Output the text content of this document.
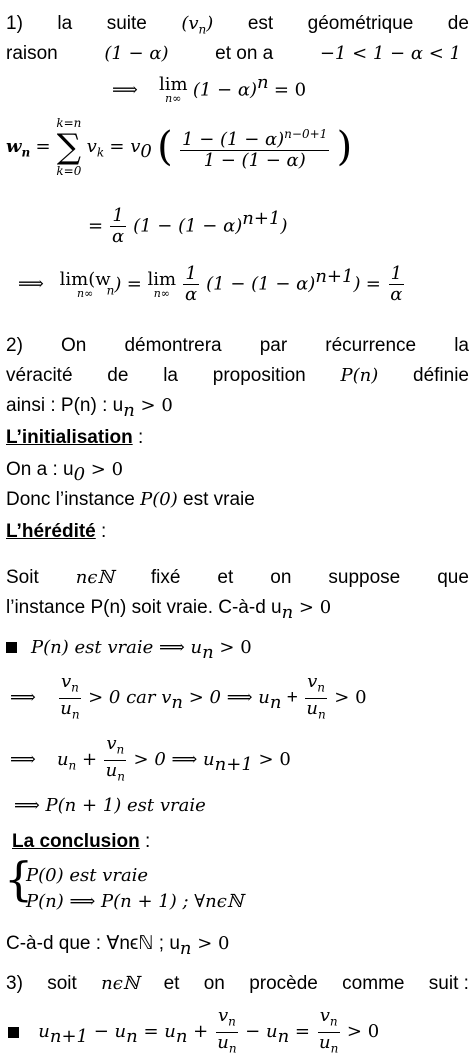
1) la suite $(v_n)$ est géométrique de
raison	(1 − α) et on a	−1 < 1 − α < 1
⟹ lim
n∞ $(1 - \alpha)^n = 0$
$w_n$ =
k=n
∑
k=0
$v_k = v_0$ ( $\frac{1 - (1 - \alpha)^{n-0+1}}{1 - (1 - \alpha)}$ )
= $\frac{1}{\alpha} (1 - (1 - \alpha)^{n+1})$
⟹ lim(w
n∞ $_n$) = lim
n∞
$\frac{1}{\alpha} (1 - (1 - \alpha)^{n+1}) = \frac{1}{\alpha}$
2) On démontrera par récurrence la
véracité de la proposition P(n) définie
ainsi : P(n) : $u_n > 0$
L’initialisation :
On a : $u_0 > 0$
Donc l’instance P(0) est vraie
L’hérédité :
Soit nϵℕ fixé et on suppose que
l’instance P(n) soit vraie. C-à-d $u_n > 0$
P(n) est vraie ⟹ $u_n > 0$
⟹ $\frac{v_n}{u_n} > 0$ car $v_n > 0$ ⟹ $u_n + \frac{v_n}{u_n} > 0$
⟹ $u_n + \frac{v_n}{u_n} > 0$ ⟹ $u_{n+1} > 0$
⟹ P(n + 1) est vraie
La conclusion :
{
P(0) est vraie
P(n) ⟹ P(n + 1) ; ∀nϵℕ
C-à-d que : ∀nϵℕ ; $u_n > 0$
3) soit nϵℕ et on procède comme suit :
$u_{n+1} - u_n = u_n + \frac{v_n}{u_n} - u_n = \frac{v_n}{u_n} > 0$
